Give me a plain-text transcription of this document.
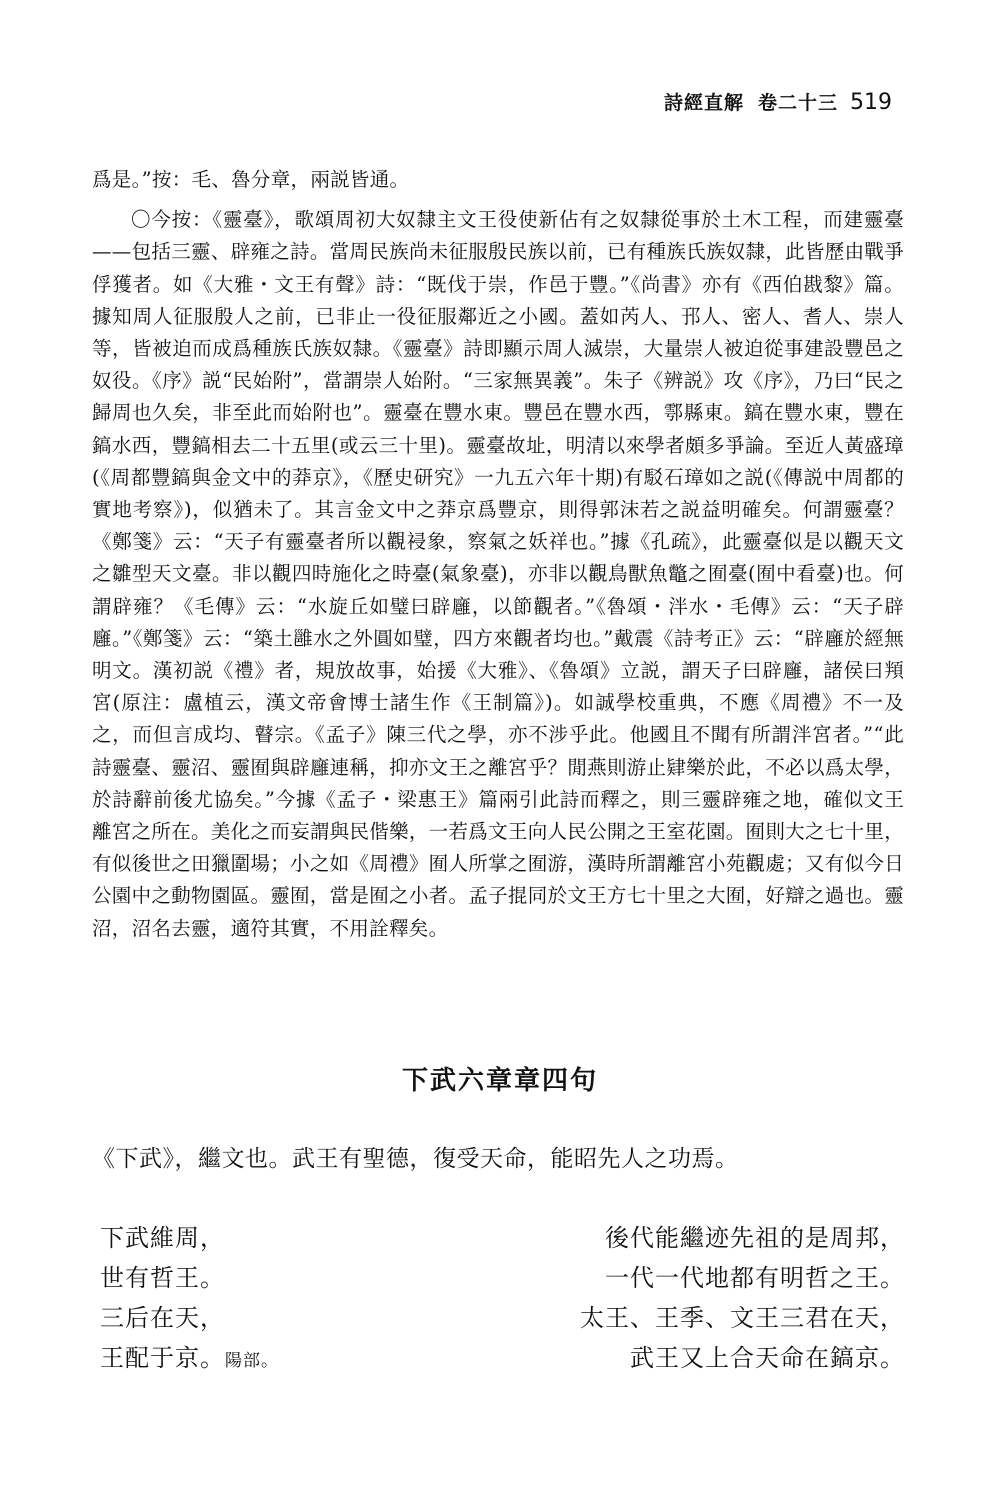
詩經直解 卷二十三 519

爲是。”按：毛、魯分章，兩説皆通。

〇今按：《靈臺》，歌頌周初大奴隸主文王役使新佔有之奴隸從事於土木工程，而建靈臺——包括三靈、辟雍之詩。當周民族尚未征服殷民族以前，已有種族氏族奴隸，此皆歷由戰爭俘獲者。如《大雅・文王有聲》詩：“既伐于崇，作邑于豐。”《尚書》亦有《西伯戡黎》篇。據知周人征服殷人之前，已非止一役征服鄰近之小國。蓋如芮人、邘人、密人、耆人、崇人等，皆被迫而成爲種族氏族奴隸。《靈臺》詩即顯示周人滅崇，大量崇人被迫從事建設豐邑之奴役。《序》説“民始附”，當謂崇人始附。“三家無異義”。朱子《辨説》攻《序》，乃曰“民之歸周也久矣，非至此而始附也”。靈臺在豐水東。豐邑在豐水西，鄠縣東。鎬在豐水東，豐在鎬水西，豐鎬相去二十五里(或云三十里)。靈臺故址，明清以來學者頗多爭論。至近人黃盛璋(《周都豐鎬與金文中的莽京》，《歷史研究》一九五六年十期)有駁石璋如之説(《傳説中周都的實地考察》)，似猶未了。其言金文中之莽京爲豐京，則得郭沫若之説益明確矣。何謂靈臺？《鄭箋》云：“天子有靈臺者所以觀祲象，察氣之妖祥也。”據《孔疏》，此靈臺似是以觀天文之雛型天文臺。非以觀四時施化之時臺(氣象臺)，亦非以觀鳥獸魚鼈之囿臺(囿中看臺)也。何謂辟雍？《毛傳》云：“水旋丘如璧曰辟廱，以節觀者。”《魯頌・泮水・毛傳》云：“天子辟廱。”《鄭箋》云：“築土雝水之外圓如璧，四方來觀者均也。”戴震《詩考正》云：“辟廱於經無明文。漢初説《禮》者，規放故事，始援《大雅》、《魯頌》立説，謂天子曰辟廱，諸侯曰頖宮(原注：盧植云，漢文帝會博士諸生作《王制篇》)。如誠學校重典，不應《周禮》不一及之，而但言成均、瞽宗。《孟子》陳三代之學，亦不涉乎此。他國且不聞有所謂泮宮者。”“此詩靈臺、靈沼、靈囿與辟廱連稱，抑亦文王之離宮乎？閒燕則游止肄樂於此，不必以爲太學，於詩辭前後尤協矣。”今據《孟子・梁惠王》篇兩引此詩而釋之，則三靈辟雍之地，確似文王離宮之所在。美化之而妄謂與民偕樂，一若爲文王向人民公開之王室花園。囿則大之七十里，有似後世之田獵圍場；小之如《周禮》囿人所掌之囿游，漢時所謂離宮小苑觀處；又有似今日公園中之動物園區。靈囿，當是囿之小者。孟子掍同於文王方七十里之大囿，好辯之過也。靈沼，沼名去靈，適符其實，不用詮釋矣。

下武六章章四句
《下武》，繼文也。武王有聖德，復受天命，能昭先人之功焉。
下武維周，
世有哲王。
三后在天，
王配于京。陽部。
後代能繼迹先祖的是周邦，
一代一代地都有明哲之王。
太王、王季、文王三君在天，
武王又上合天命在鎬京。
